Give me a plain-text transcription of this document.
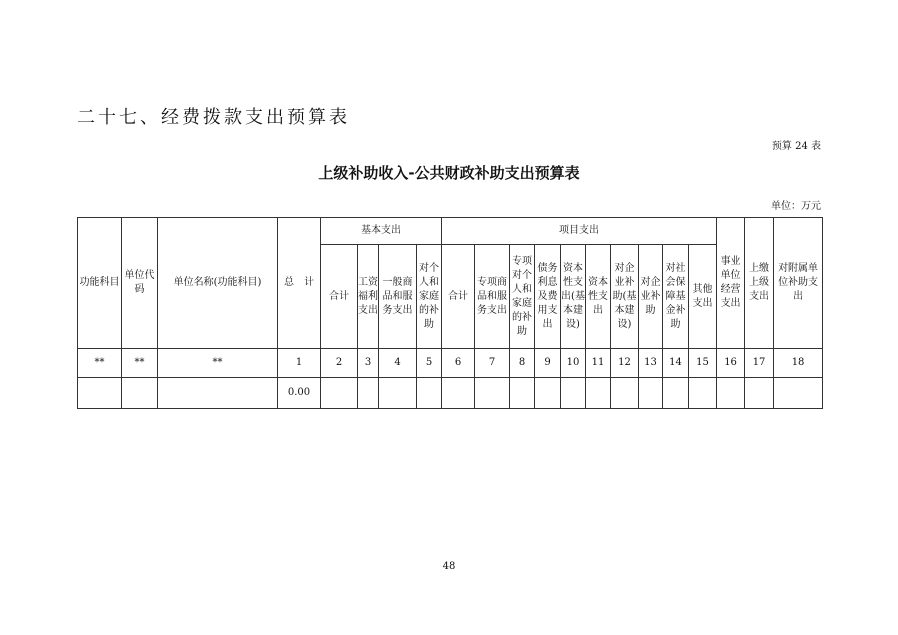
二十七、经费拨款支出预算表
预算 24 表
上级补助收入-公共财政补助支出预算表
单位：万元
功能科目	单位代码	单位名称(功能科目)	总　计	基本支出				项目支出										事业单位经营支出	上缴上级支出	对附属单位补助支出
				合计	工资福利支出	一般商品和服务支出	对个人和家庭的补助	合计	专项商品和服务支出	专项对个人和家庭的补助	债务利息及费用支出	资本性支出(基本建设)	资本性支出	对企业补助(基本建设)	对企业补助	对社会保障基金补助	其他支出			
**	**	**	1	2	3	4	5	6	7	8	9	10	11	12	13	14	15	16	17	18
			0.00																	
48
